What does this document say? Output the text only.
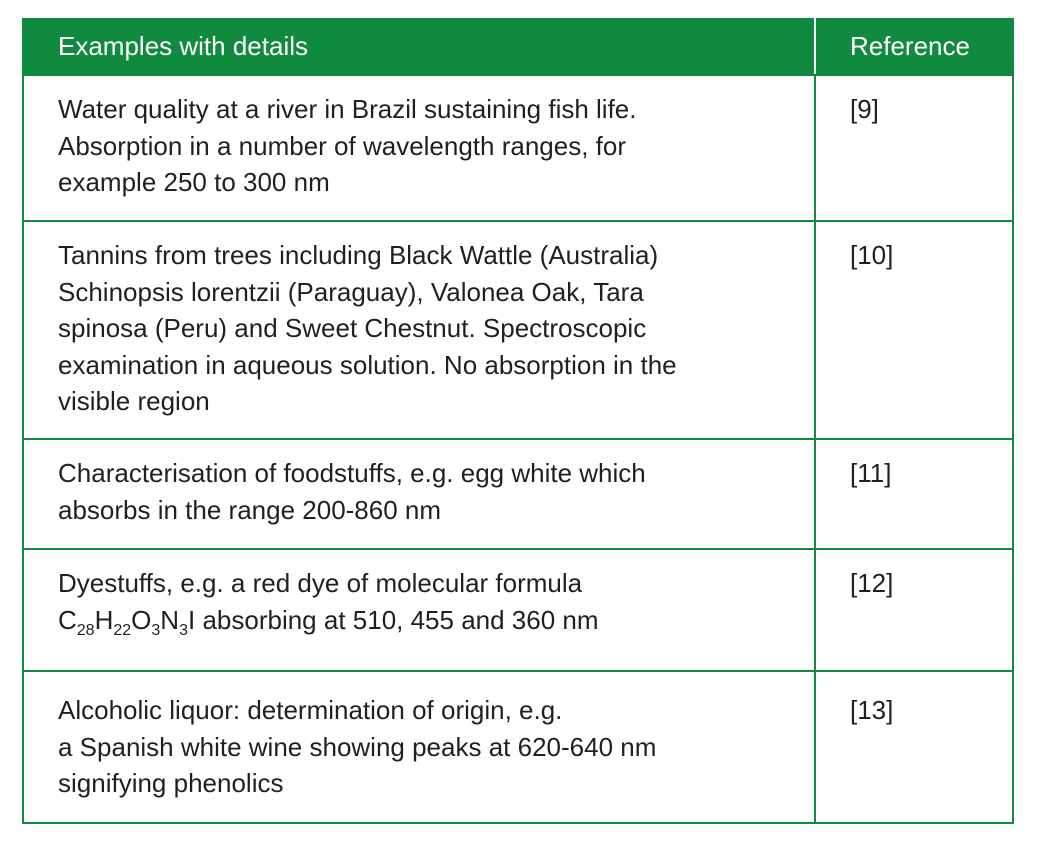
Examples with details	Reference
Water quality at a river in Brazil sustaining fish life.
Absorption in a number of wavelength ranges, for
example 250 to 300 nm
[9]
Tannins from trees including Black Wattle (Australia)
Schinopsis lorentzii (Paraguay), Valonea Oak, Tara
spinosa (Peru) and Sweet Chestnut. Spectroscopic
examination in aqueous solution. No absorption in the
visible region
[10]
Characterisation of foodstuffs, e.g. egg white which
absorbs in the range 200-860 nm
[11]
Dyestuffs, e.g. a red dye of molecular formula
$C_{28}H_{22}O_3N_3I$ absorbing at 510, 455 and 360 nm
[12]
Alcoholic liquor: determination of origin, e.g.
a Spanish white wine showing peaks at 620-640 nm
signifying phenolics
[13]
